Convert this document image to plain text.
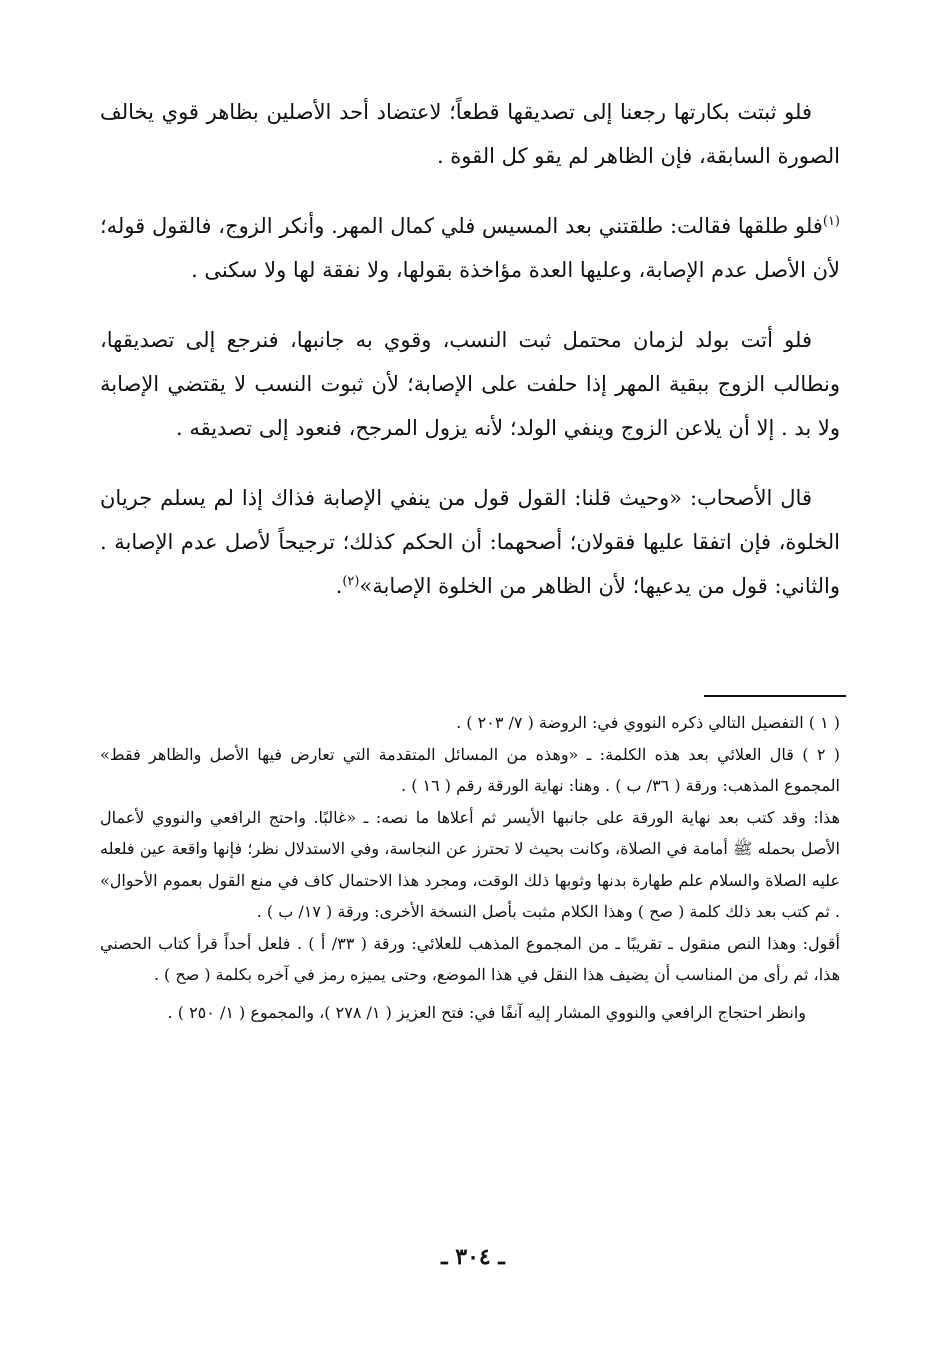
فلو ثبتت بكارتها رجعنا إلى تصديقها قطعاً؛ لاعتضاد أحد الأصلين بظاهر قوي يخالف الصورة السابقة، فإن الظاهر لم يقو كل القوة .

$^{(١)}$فلو طلقها فقالت: طلقتني بعد المسيس فلي كمال المهر. وأنكر الزوج، فالقول قوله؛ لأن الأصل عدم الإصابة، وعليها العدة مؤاخذة بقولها، ولا نفقة لها ولا سكنى .

فلو أتت بولد لزمان محتمل ثبت النسب، وقوي به جانبها، فنرجع إلى تصديقها، ونطالب الزوج ببقية المهر إذا حلفت على الإصابة؛ لأن ثبوت النسب لا يقتضي الإصابة ولا بد . إلا أن يلاعن الزوج وينفي الولد؛ لأنه يزول المرجح، فنعود إلى تصديقه .

قال الأصحاب: «وحيث قلنا: القول قول من ينفي الإصابة فذاك إذا لم يسلم جريان الخلوة، فإن اتفقا عليها فقولان؛ أصحهما: أن الحكم كذلك؛ ترجيحاً لأصل عدم الإصابة . والثاني: قول من يدعيها؛ لأن الظاهر من الخلوة الإصابة»$^{(٢)}$.

( ١ ) التفصيل التالي ذكره النووي في: الروضة ( ٧/ ٢٠٣ ) .

( ٢ ) قال العلائي بعد هذه الكلمة: ـ «وهذه من المسائل المتقدمة التي تعارض فيها الأصل والظاهر فقط» المجموع المذهب: ورقة ( ٣٦/ ب ) . وهنا: نهاية الورقة رقم ( ١٦ ) .

هذا: وقد كتب بعد نهاية الورقة على جانبها الأيسر ثم أعلاها ما نصه: ـ «غالبًا. واحتج الرافعي والنووي لأعمال الأصل بحمله ﷺ أمامة في الصلاة، وكانت بحيث لا تحترز عن النجاسة، وفي الاستدلال نظر؛ فإنها واقعة عين فلعله عليه الصلاة والسلام علم طهارة بدنها وثوبها ذلك الوقت، ومجرد هذا الاحتمال كاف في منع القول بعموم الأحوال» . ثم كتب بعد ذلك كلمة ( صح ) وهذا الكلام مثبت بأصل النسخة الأخرى: ورقة ( ١٧/ ب ) .

أقول: وهذا النص منقول ـ تقريبًا ـ من المجموع المذهب للعلائي: ورقة ( ٣٣/ أ ) . فلعل أحداً قرأ كتاب الحصني هذا، ثم رأى من المناسب أن يضيف هذا النقل في هذا الموضع، وحتى يميزه رمز في آخره بكلمة ( صح ) .

وانظر احتجاج الرافعي والنووي المشار إليه آنفًا في: فتح العزيز ( ١/ ٢٧٨ )، والمجموع ( ١/ ٢٥٠ ) .

ـ ٣٠٤ ـ
